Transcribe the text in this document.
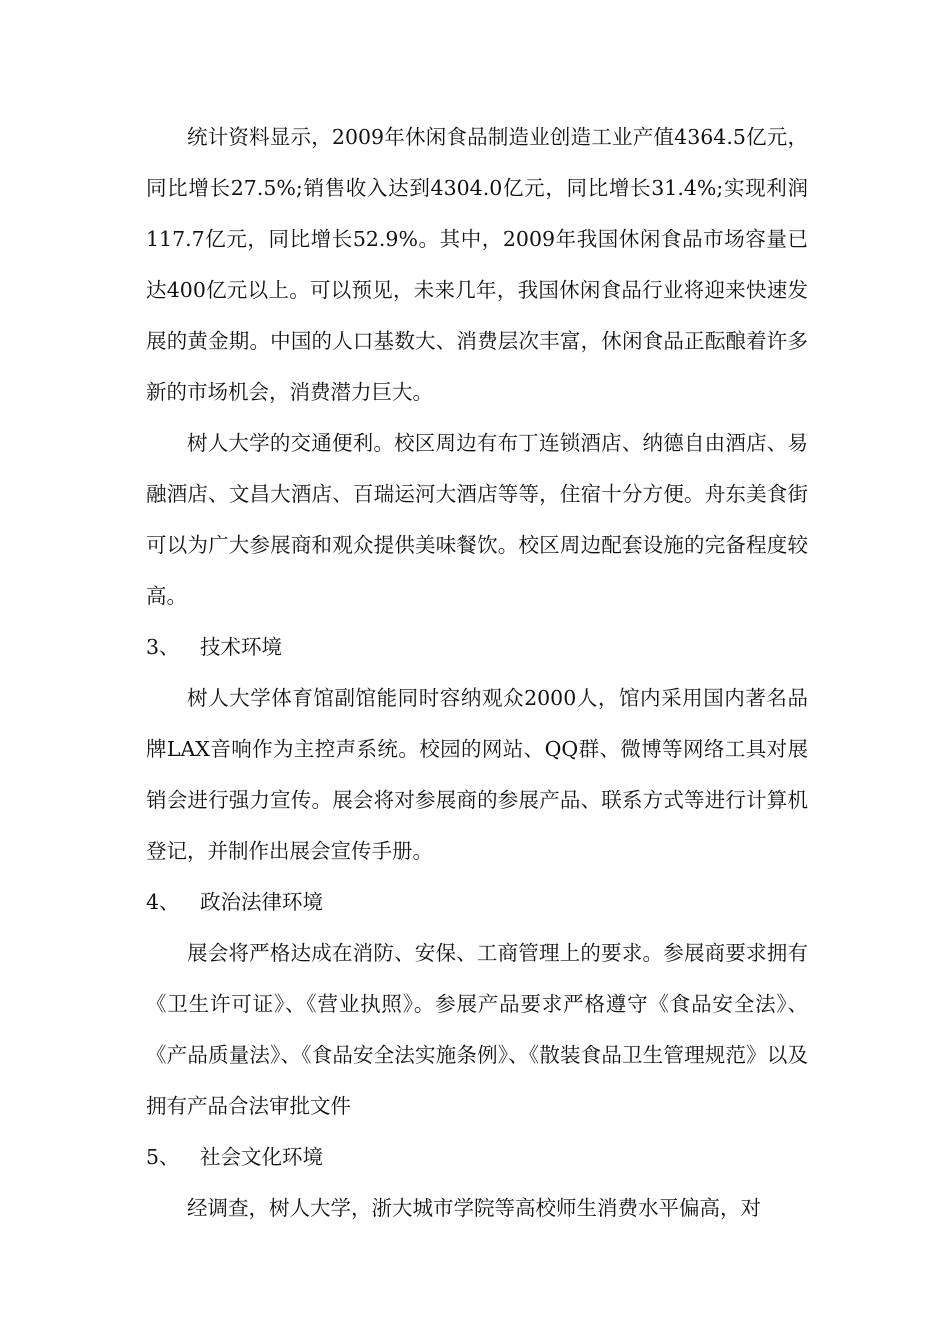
统计资料显示，2009年休闲食品制造业创造工业产值4364.5亿元，同比增长27.5%;销售收入达到4304.0亿元，同比增长31.4%;实现利润117.7亿元，同比增长52.9%。其中，2009年我国休闲食品市场容量已达400亿元以上。可以预见，未来几年，我国休闲食品行业将迎来快速发展的黄金期。中国的人口基数大、消费层次丰富，休闲食品正酝酿着许多新的市场机会，消费潜力巨大。

树人大学的交通便利。校区周边有布丁连锁酒店、纳德自由酒店、易融酒店、文昌大酒店、百瑞运河大酒店等等，住宿十分方便。舟东美食街可以为广大参展商和观众提供美味餐饮。校区周边配套设施的完备程度较高。

3、 技术环境

树人大学体育馆副馆能同时容纳观众2000人，馆内采用国内著名品牌LAX音响作为主控声系统。校园的网站、QQ群、微博等网络工具对展销会进行强力宣传。展会将对参展商的参展产品、联系方式等进行计算机登记，并制作出展会宣传手册。

4、 政治法律环境

展会将严格达成在消防、安保、工商管理上的要求。参展商要求拥有《卫生许可证》、《营业执照》。参展产品要求严格遵守《食品安全法》、《产品质量法》、《食品安全法实施条例》、《散装食品卫生管理规范》以及拥有产品合法审批文件

5、 社会文化环境

经调查，树人大学，浙大城市学院等高校师生消费水平偏高，对
